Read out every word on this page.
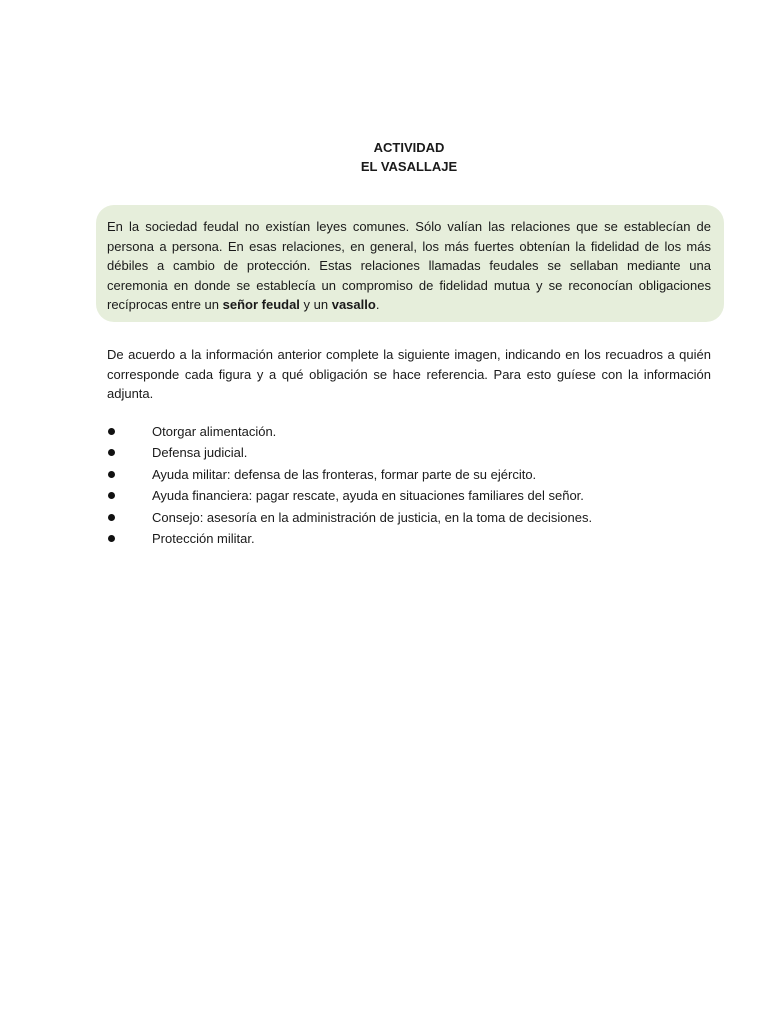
ACTIVIDAD
EL VASALLAJE
En la sociedad feudal no existían leyes comunes. Sólo valían las relaciones que se establecían de persona a persona. En esas relaciones, en general, los más fuertes obtenían la fidelidad de los más débiles a cambio de protección. Estas relaciones llamadas feudales se sellaban mediante una ceremonia en donde se establecía un compromiso de fidelidad mutua y se reconocían obligaciones recíprocas entre un señor feudal y un vasallo.
De acuerdo a la información anterior complete la siguiente imagen, indicando en los recuadros a quién corresponde cada figura y a qué obligación se hace referencia. Para esto guíese con la información adjunta.
Otorgar alimentación.
Defensa judicial.
Ayuda militar: defensa de las fronteras, formar parte de su ejército.
Ayuda financiera: pagar rescate, ayuda en situaciones familiares del señor.
Consejo: asesoría en la administración de justicia, en la toma de decisiones.
Protección militar.
